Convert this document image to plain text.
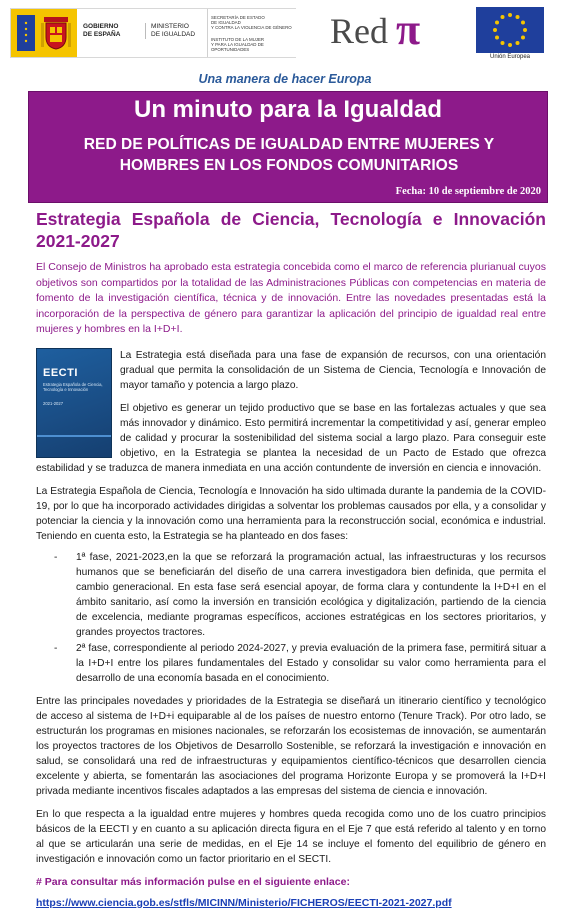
GOBIERNO
DE ESPAÑA
MINISTERIO
DE IGUALDAD
SECRETARÍA DE ESTADO
DE IGUALDAD
Y CONTRA LA VIOLENCIA DE GÉNERO
INSTITUTO DE LA MUJER
Y PARA LA IGUALDAD DE OPORTUNIDADES	Red π
Unión Europea
Una manera de hacer Europa
Un minuto para la Igualdad
RED DE POLÍTICAS DE IGUALDAD ENTRE MUJERES Y
HOMBRES EN LOS FONDOS COMUNITARIOS
Fecha: 10 de septiembre de 2020
Estrategia Española de Ciencia, Tecnología e Innovación 2021-2027

El Consejo de Ministros ha aprobado esta estrategia concebida como el marco de referencia plurianual cuyos objetivos son compartidos por la totalidad de las Administraciones Públicas con competencias en materia de fomento de la investigación científica, técnica y de innovación. Entre las novedades presentadas está la incorporación de la perspectiva de género para garantizar la aplicación del principio de igualdad real entre mujeres y hombres en la I+D+I.

EECTI
Estrategia Española de Ciencia, Tecnología e Innovación
2021-2027

La Estrategia está diseñada para una fase de expansión de recursos, con una orientación gradual que permita la consolidación de un Sistema de Ciencia, Tecnología e Innovación de mayor tamaño y potencia a largo plazo.

El objetivo es generar un tejido productivo que se base en las fortalezas actuales y que sea más innovador y dinámico. Esto permitirá incrementar la competitividad y así, generar empleo de calidad y procurar la sostenibilidad del sistema social a largo plazo. Para conseguir este objetivo, en la Estrategia se plantea la necesidad de un Pacto de Estado que ofrezca estabilidad y se traduzca de manera inmediata en una acción contundente de inversión en ciencia e innovación.

La Estrategia Española de Ciencia, Tecnología e Innovación ha sido ultimada durante la pandemia de la COVID-19, por lo que ha incorporado actividades dirigidas a solventar los problemas causados por ella, y a consolidar y potenciar la ciencia y la innovación como una herramienta para la reconstrucción social, económica e industrial. Teniendo en cuenta esto, la Estrategia se ha planteado en dos fases:

- 1ª fase, 2021-2023,en la que se reforzará la programación actual, las infraestructuras y los recursos humanos que se beneficiarán del diseño de una carrera investigadora bien definida, que permita el cambio generacional. En esta fase será esencial apoyar, de forma clara y contundente la I+D+I en el ámbito sanitario, así como la inversión en transición ecológica y digitalización, partiendo de la ciencia de excelencia, mediante programas específicos, acciones estratégicas en los sectores prioritarios, y grandes proyectos tractores.
- 2ª fase, correspondiente al periodo 2024-2027, y previa evaluación de la primera fase, permitirá situar a la I+D+I entre los pilares fundamentales del Estado y consolidar su valor como herramienta para el desarrollo de una economía basada en el conocimiento.

Entre las principales novedades y prioridades de la Estrategia se diseñará un itinerario científico y tecnológico de acceso al sistema de I+D+i equiparable al de los países de nuestro entorno (Tenure Track). Por otro lado, se estructurán los programas en misiones nacionales, se reforzarán los ecosistemas de innovación, se aumentarán los proyectos tractores de los Objetivos de Desarrollo Sostenible, se reforzará la investigación e innovación en salud, se consolidará una red de infraestructuras y equipamientos científico-técnicos que desarrollen ciencia excelente y abierta, se fomentarán las asociaciones del programa Horizonte Europa y se promoverá la I+D+I privada mediante incentivos fiscales adaptados a las empresas del sistema de ciencia e innovación.

En lo que respecta a la igualdad entre mujeres y hombres queda recogida como uno de los cuatro principios básicos de la EECTI y en cuanto a su aplicación directa figura en el Eje 7 que está referido al talento y en torno al que se articularán una serie de medidas, en el Eje 14 se incluye el fomento del equilibrio de género en investigación e innovación como un factor prioritario en el SECTI.

# Para consultar más información pulse en el siguiente enlace:
https://www.ciencia.gob.es/stfls/MICINN/Ministerio/FICHEROS/EECTI-2021-2027.pdf
